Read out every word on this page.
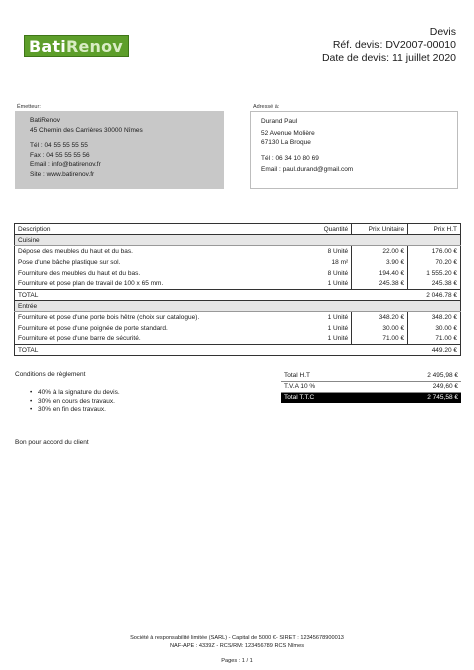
BatiRenov
Devis
Réf. devis: DV2007-00010
Date de devis: 11 juillet 2020
Émetteur:
BatiRenov
45 Chemin des Carrières 30000 Nîmes
Tél : 04 55 55 55 55
Fax : 04 55 55 55 56
Email : info@batirenov.fr
Site : www.batirenov.fr
Adressé à:
Durand Paul
52 Avenue Molière
67130 La Broque
Tél : 06 34 10 80 69
Email : paul.durand@gmail.com
Description	Quantité	Prix Unitaire	Prix H.T
Cuisine			
Dépose des meubles du haut et du bas.	8 Unité	22.00 €	176.00 €
Pose d'une bâche plastique sur sol.	18 m²	3.90 €	70.20 €
Fourniture des meubles du haut et du bas.	8 Unité	194.40 €	1 555.20 €
Fourniture et pose plan de travail de 100 x 65 mm.	1 Unité	245.38 €	245.38 €
TOTAL			2 046.78 €
Entrée			
Fourniture et pose d'une porte bois hêtre (choix sur catalogue).	1 Unité	348.20 €	348.20 €
Fourniture et pose d'une poignée de porte standard.	1 Unité	30.00 €	30.00 €
Fourniture et pose d'une barre de sécurité.	1 Unité	71.00 €	71.00 €
TOTAL			449.20 €
Conditions de règlement
• 40% à la signature du devis.
• 30% en cours des travaux.
• 30% en fin des travaux.
Total H.T	2 495,98 €
T.V.A 10 %	249,60 €
Total T.T.C	2 745,58 €
Bon pour accord du client
Société à responsabilité limitée (SARL) - Capital de 5000 €- SIRET : 12345678900013
NAF-APE : 4339Z - RCS/RM: 123456789 RCS Nîmes
Pages : 1 / 1
